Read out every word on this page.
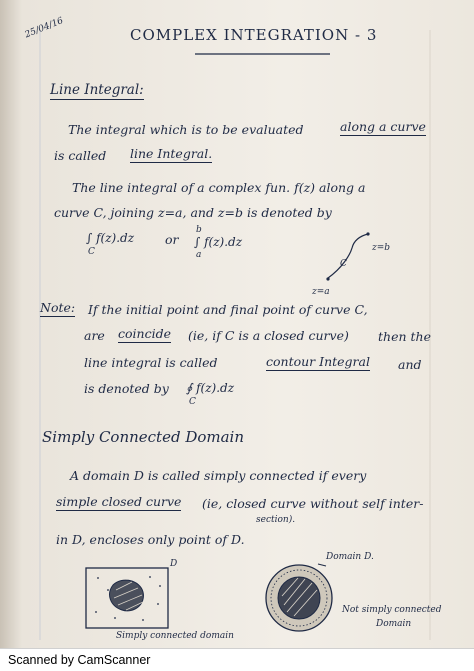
25/04/16	COMPLEX INTEGRATION - 3
Line Integral:
The integral which is to be evaluated	along a curve
is called line Integral.
The line integral of a complex fun. f(z) along a
curve C, joining z=a, and z=b is denoted by
∫ f(z).dz
C
or
b
∫ f(z).dz
a
C
z=b
z=a
Note: If the initial point and final point of curve C,
are coincide (ie, if C is a closed curve) then the
line integral is called	contour Integral and
is denoted by ∮ f(z).dz
C
Simply Connected Domain
A domain D is called simply connected if every
simple closed curve (ie, closed curve without self inter-
section).
in D, encloses only point of D.
D
Domain D.
Simply connected domain
Not simply connected
Domain
Scanned by CamScanner
